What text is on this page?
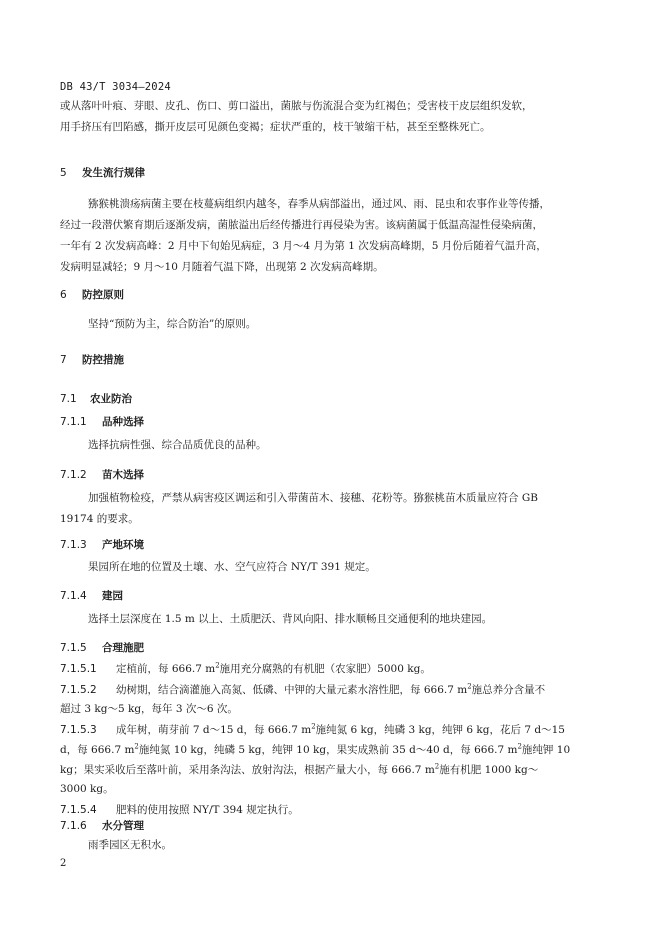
DB 43/T 3034—2024
或从落叶叶痕、芽眼、皮孔、伤口、剪口溢出，菌脓与伤流混合变为红褐色；受害枝干皮层组织发软，
用手挤压有凹陷感，撕开皮层可见颜色变褐；症状严重的，枝干皱缩干枯，甚至至整株死亡。
5 发生流行规律
猕猴桃溃疡病菌主要在枝蔓病组织内越冬，春季从病部溢出，通过风、雨、昆虫和农事作业等传播，
经过一段潜伏繁育期后逐渐发病，菌脓溢出后经传播进行再侵染为害。该病菌属于低温高湿性侵染病菌，
一年有 2 次发病高峰：2 月中下旬始见病症，3 月～4 月为第 1 次发病高峰期，5 月份后随着气温升高，
发病明显减轻；9 月～10 月随着气温下降，出现第 2 次发病高峰期。
6 防控原则
坚持“预防为主，综合防治”的原则。
7 防控措施
7.1 农业防治
7.1.1 品种选择
选择抗病性强、综合品质优良的品种。
7.1.2 苗木选择
加强植物检疫，严禁从病害疫区调运和引入带菌苗木、接穗、花粉等。猕猴桃苗木质量应符合 GB
19174 的要求。
7.1.3 产地环境
果园所在地的位置及土壤、水、空气应符合 NY/T 391 规定。
7.1.4 建园
选择土层深度在 1.5 m 以上、土质肥沃、背风向阳、排水顺畅且交通便利的地块建园。
7.1.5 合理施肥
7.1.5.1 定植前，每 666.7 $m^2$施用充分腐熟的有机肥（农家肥）5000 kg。
7.1.5.2 幼树期，结合滴灌施入高氮、低磷、中钾的大量元素水溶性肥，每 666.7 $m^2$施总养分含量不
超过 3 kg～5 kg，每年 3 次～6 次。
7.1.5.3 成年树，萌芽前 7 d～15 d，每 666.7 $m^2$施纯氮 6 kg，纯磷 3 kg，纯钾 6 kg，花后 7 d～15
d，每 666.7 $m^2$施纯氮 10 kg，纯磷 5 kg，纯钾 10 kg，果实成熟前 35 d～40 d，每 666.7 $m^2$施纯钾 10
kg；果实采收后至落叶前，采用条沟法、放射沟法，根据产量大小，每 666.7 $m^2$施有机肥 1000 kg～
3000 kg。
7.1.5.4 肥料的使用按照 NY/T 394 规定执行。
7.1.6 水分管理
雨季园区无积水。
2
